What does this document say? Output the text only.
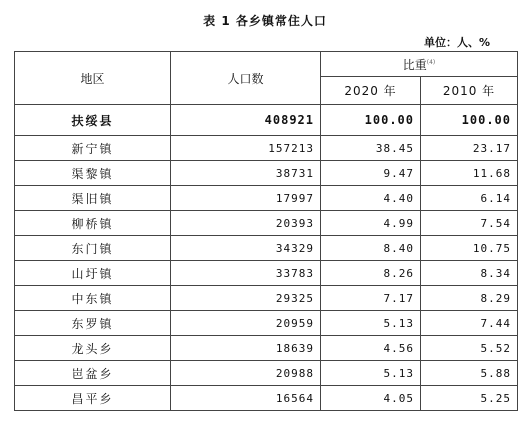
表 1 各乡镇常住人口
单位：人、%
地区	人口数	比重$^{(4)}$
		2020 年	2010 年
扶绥县	408921	100.00	100.00
新宁镇	157213	38.45	23.17
渠黎镇	38731	9.47	11.68
渠旧镇	17997	4.40	6.14
柳桥镇	20393	4.99	7.54
东门镇	34329	8.40	10.75
山圩镇	33783	8.26	8.34
中东镇	29325	7.17	8.29
东罗镇	20959	5.13	7.44
龙头乡	18639	4.56	5.52
岜盆乡	20988	5.13	5.88
昌平乡	16564	4.05	5.25
